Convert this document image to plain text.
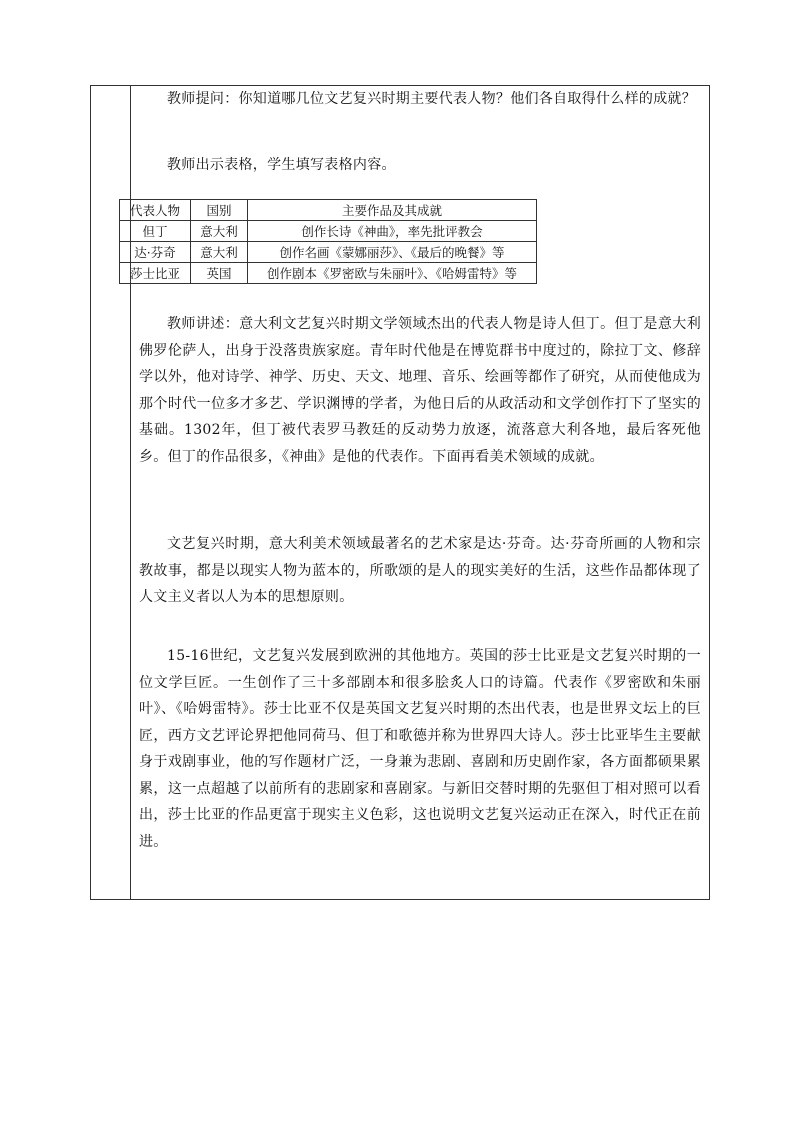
教师提问：你知道哪几位文艺复兴时期主要代表人物？他们各自取得什么样的成就？

教师出示表格，学生填写表格内容。

教师讲述：意大利文艺复兴时期文学领域杰出的代表人物是诗人但丁。但丁是意大利佛罗伦萨人，出身于没落贵族家庭。青年时代他是在博览群书中度过的，除拉丁文、修辞学以外，他对诗学、神学、历史、天文、地理、音乐、绘画等都作了研究，从而使他成为那个时代一位多才多艺、学识渊博的学者，为他日后的从政活动和文学创作打下了坚实的基础。1302年，但丁被代表罗马教廷的反动势力放逐，流落意大利各地，最后客死他乡。但丁的作品很多，《神曲》是他的代表作。下面再看美术领域的成就。

文艺复兴时期，意大利美术领域最著名的艺术家是达·芬奇。达·芬奇所画的人物和宗教故事，都是以现实人物为蓝本的，所歌颂的是人的现实美好的生活，这些作品都体现了人文主义者以人为本的思想原则。

15-16世纪，文艺复兴发展到欧洲的其他地方。英国的莎士比亚是文艺复兴时期的一位文学巨匠。一生创作了三十多部剧本和很多脍炙人口的诗篇。代表作《罗密欧和朱丽叶》、《哈姆雷特》。莎士比亚不仅是英国文艺复兴时期的杰出代表，也是世界文坛上的巨匠，西方文艺评论界把他同荷马、但丁和歌德并称为世界四大诗人。莎士比亚毕生主要献身于戏剧事业，他的写作题材广泛，一身兼为悲剧、喜剧和历史剧作家，各方面都硕果累累，这一点超越了以前所有的悲剧家和喜剧家。与新旧交替时期的先驱但丁相对照可以看出，莎士比亚的作品更富于现实主义色彩，这也说明文艺复兴运动正在深入，时代正在前进。

代表人物	国别	主要作品及其成就
但丁	意大利	创作长诗《神曲》，率先批评教会
达·芬奇	意大利	创作名画《蒙娜丽莎》、《最后的晚餐》等
莎士比亚	英国	创作剧本《罗密欧与朱丽叶》、《哈姆雷特》等
